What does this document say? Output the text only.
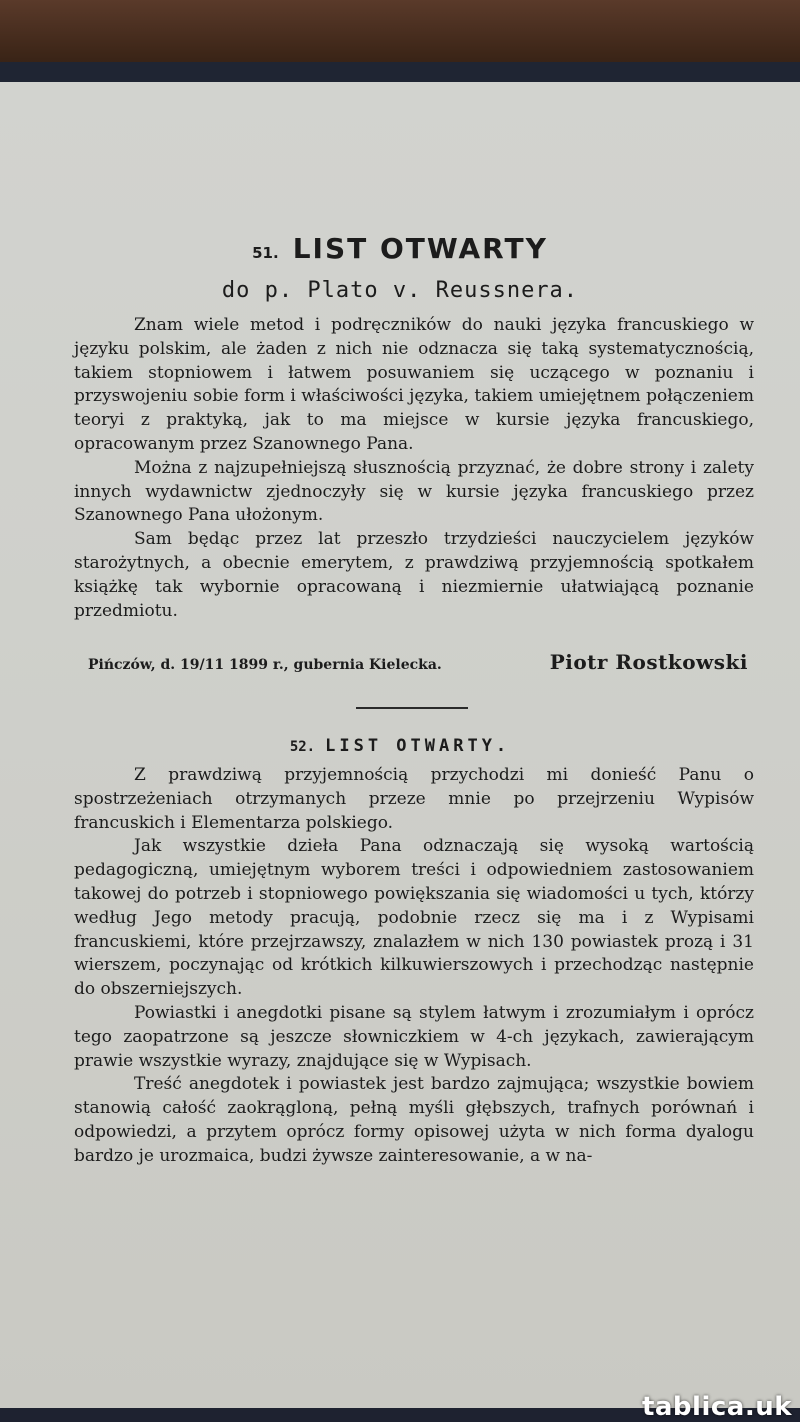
51. LIST OTWARTY
do p. Plato v. Reussnera.

Znam wiele metod i podręczników do nauki języka francuskiego w języku polskim, ale żaden z nich nie odznacza się taką systematycznością, takiem stopniowem i łatwem posuwaniem się uczącego w poznaniu i przyswojeniu sobie form i właściwości języka, takiem umiejętnem połączeniem teoryi z praktyką, jak to ma miejsce w kursie języka francuskiego, opracowanym przez Szanownego Pana.

Można z najzupełniejszą słusznością przyznać, że dobre strony i zalety innych wydawnictw zjednoczyły się w kursie języka francuskiego przez Szanownego Pana ułożonym.

Sam będąc przez lat przeszło trzydzieści nauczycielem języków starożytnych, a obecnie emerytem, z prawdziwą przyjemnością spotkałem książkę tak wybornie opracowaną i niezmiernie ułatwiającą poznanie przedmiotu.

Pińczów, d. 19/11 1899 r., gubernia Kielecka.	Piotr Rostkowski
52. LIST OTWARTY.

Z prawdziwą przyjemnością przychodzi mi donieść Panu o spostrzeżeniach otrzymanych przeze mnie po przejrzeniu Wypisów francuskich i Elementarza polskiego.

Jak wszystkie dzieła Pana odznaczają się wysoką wartością pedagogiczną, umiejętnym wyborem treści i odpowiedniem zastosowaniem takowej do potrzeb i stopniowego powiększania się wiadomości u tych, którzy według Jego metody pracują, podobnie rzecz się ma i z Wypisami francuskiemi, które przejrzawszy, znalazłem w nich 130 powiastek prozą i 31 wierszem, poczynając od krótkich kilkuwierszowych i przechodząc następnie do obszerniejszych.

Powiastki i anegdotki pisane są stylem łatwym i zrozumiałym i oprócz tego zaopatrzone są jeszcze słowniczkiem w 4-ch językach, zawierającym prawie wszystkie wyrazy, znajdujące się w Wypisach.

Treść anegdotek i powiastek jest bardzo zajmująca; wszystkie bowiem stanowią całość zaokrągloną, pełną myśli głębszych, trafnych porównań i odpowiedzi, a przytem oprócz formy opisowej użyta w nich forma dyalogu bardzo je urozmaica, budzi żywsze zainteresowanie, a w na-

tablica.uk
